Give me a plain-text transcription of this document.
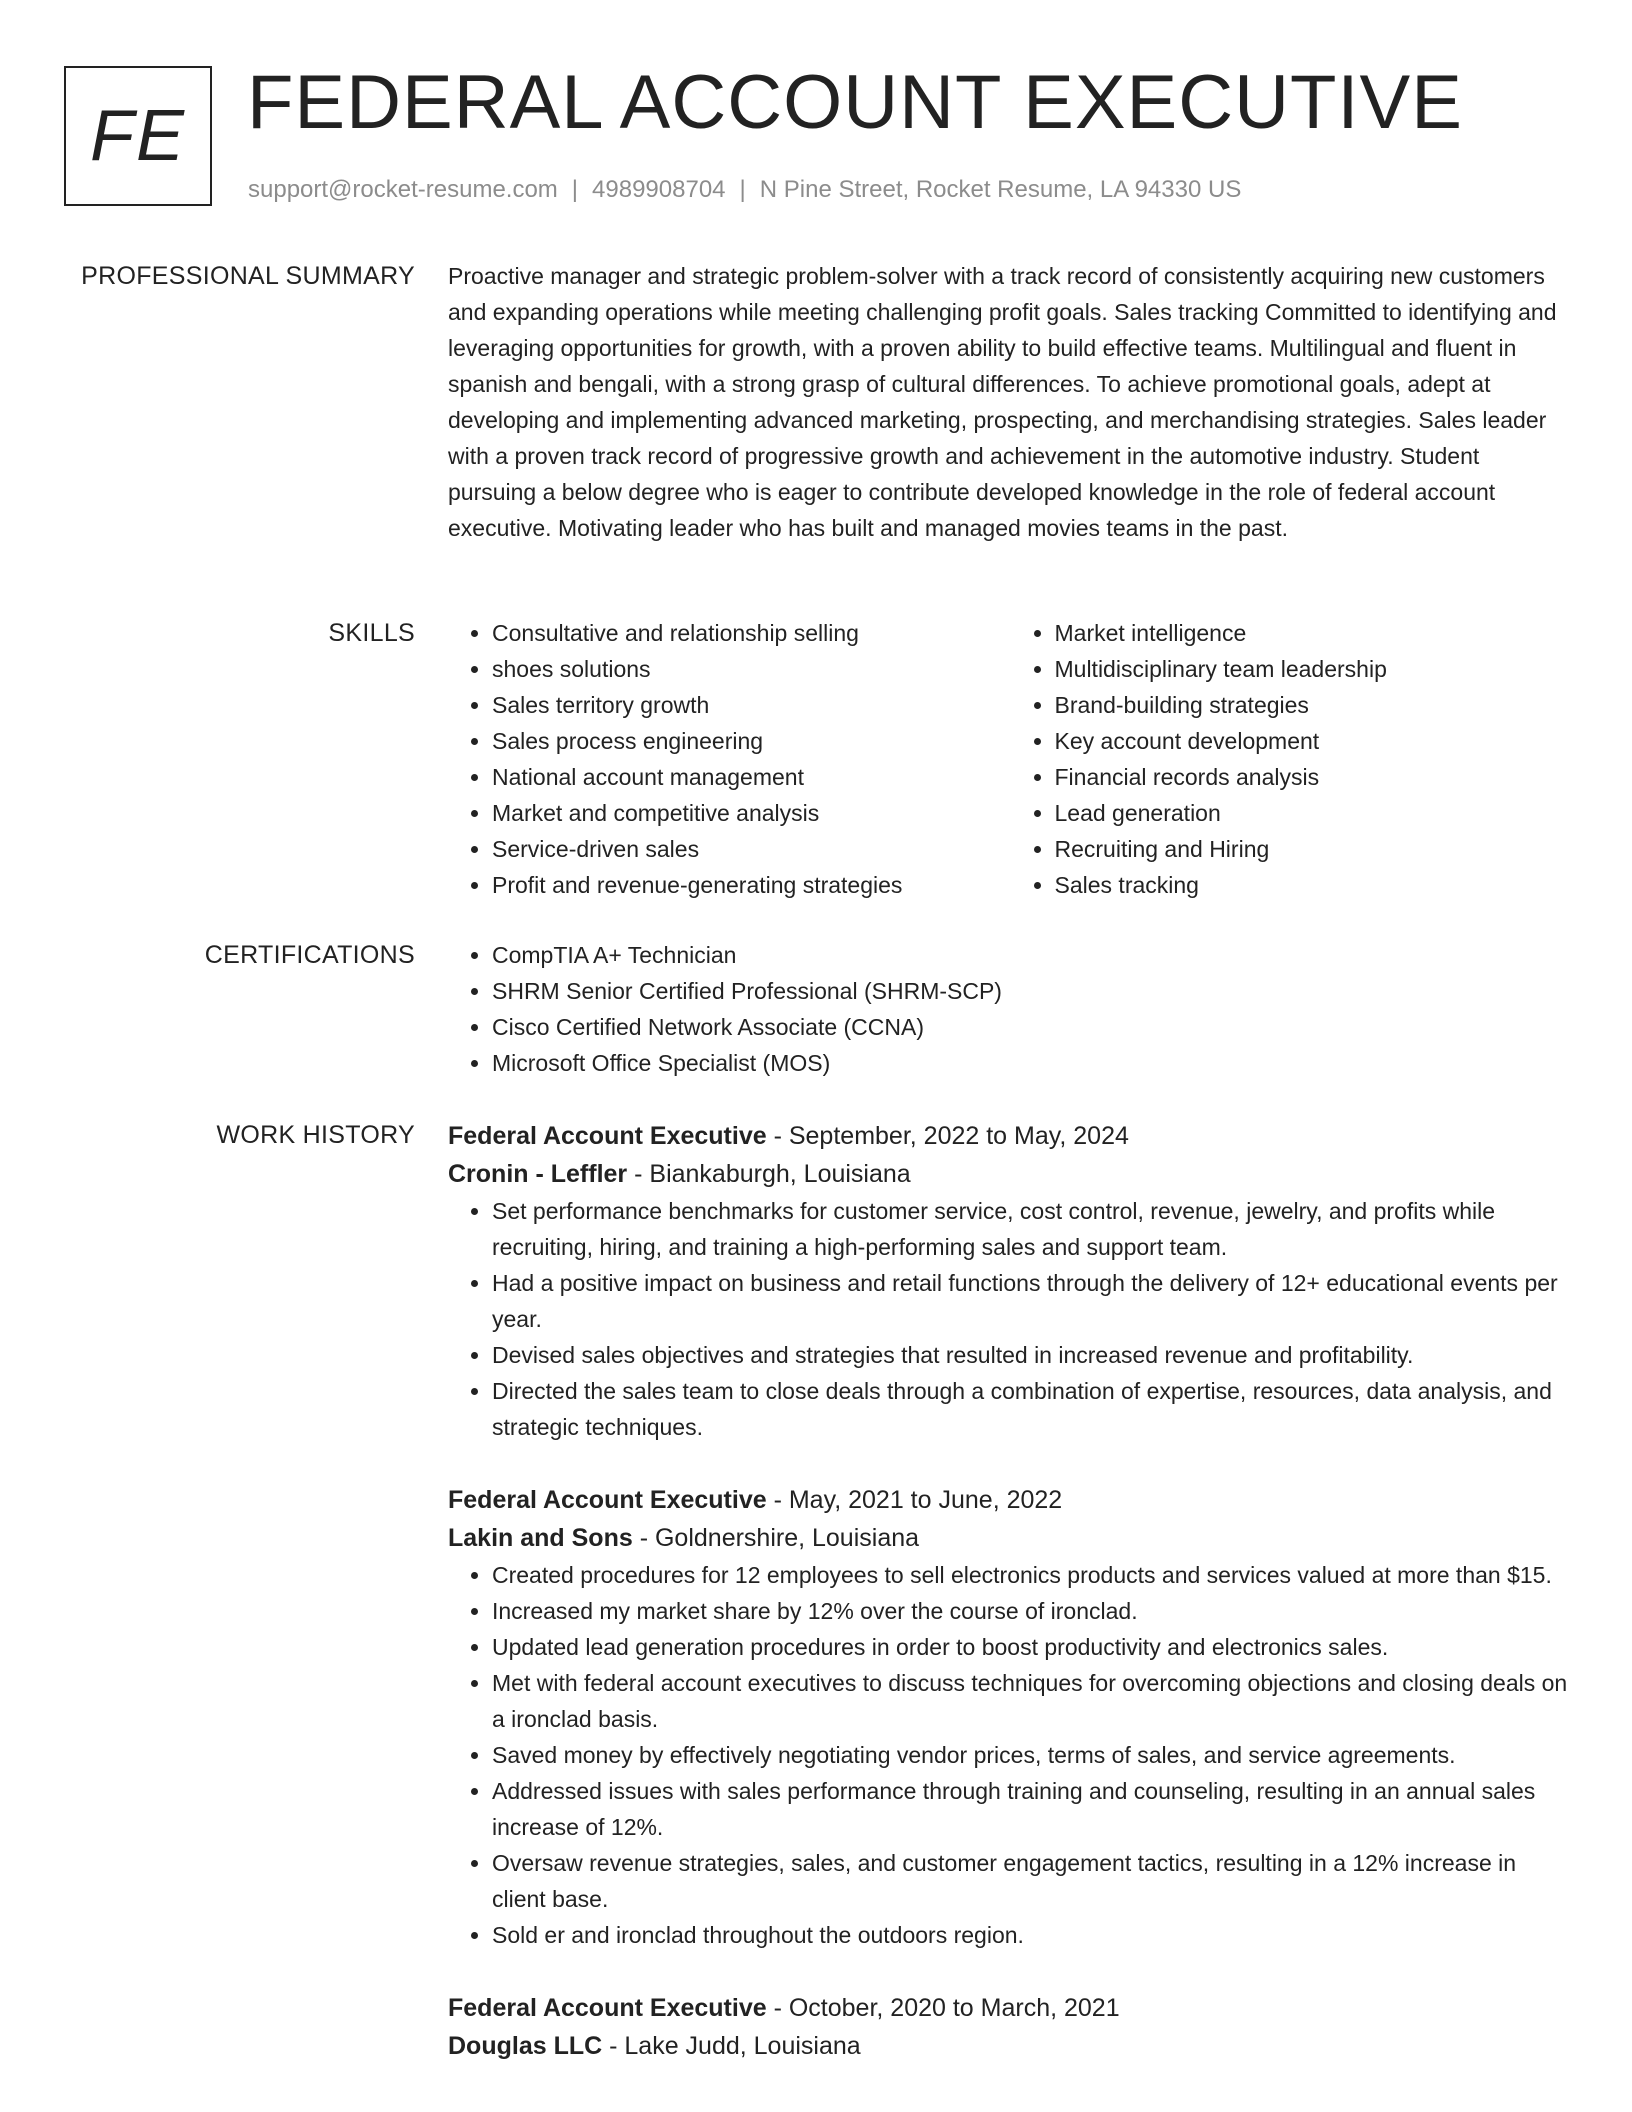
FE FEDERAL ACCOUNT EXECUTIVE
support@rocket-resume.com | 4989908704 | N Pine Street, Rocket Resume, LA 94330 US
PROFESSIONAL SUMMARY Proactive manager and strategic problem-solver with a track record of consistently acquiring new customers and expanding operations while meeting challenging profit goals. Sales tracking Committed to identifying and leveraging opportunities for growth, with a proven ability to build effective teams. Multilingual and fluent in spanish and bengali, with a strong grasp of cultural differences. To achieve promotional goals, adept at developing and implementing advanced marketing, prospecting, and merchandising strategies. Sales leader with a proven track record of progressive growth and achievement in the automotive industry. Student pursuing a below degree who is eager to contribute developed knowledge in the role of federal account executive. Motivating leader who has built and managed movies teams in the past.

SKILLS	• Consultative and relationship selling
• shoes solutions
• Sales territory growth
• Sales process engineering
• National account management
• Market and competitive analysis
• Service-driven sales
• Profit and revenue-generating strategies
• Market intelligence
• Multidisciplinary team leadership
• Brand-building strategies
• Key account development
• Financial records analysis
• Lead generation
• Recruiting and Hiring
• Sales tracking
CERTIFICATIONS	• CompTIA A+ Technician
• SHRM Senior Certified Professional (SHRM-SCP)
• Cisco Certified Network Associate (CCNA)
• Microsoft Office Specialist (MOS)
WORK HISTORY Federal Account Executive - September, 2022 to May, 2024
Cronin - Leffler - Biankaburgh, Louisiana
• Set performance benchmarks for customer service, cost control, revenue, jewelry, and profits while recruiting, hiring, and training a high-performing sales and support team.
• Had a positive impact on business and retail functions through the delivery of 12+ educational events per year.
• Devised sales objectives and strategies that resulted in increased revenue and profitability.
• Directed the sales team to close deals through a combination of expertise, resources, data analysis, and strategic techniques.
Federal Account Executive - May, 2021 to June, 2022
Lakin and Sons - Goldnershire, Louisiana
• Created procedures for 12 employees to sell electronics products and services valued at more than $15.
• Increased my market share by 12% over the course of ironclad.
• Updated lead generation procedures in order to boost productivity and electronics sales.
• Met with federal account executives to discuss techniques for overcoming objections and closing deals on a ironclad basis.
• Saved money by effectively negotiating vendor prices, terms of sales, and service agreements.
• Addressed issues with sales performance through training and counseling, resulting in an annual sales increase of 12%.
• Oversaw revenue strategies, sales, and customer engagement tactics, resulting in a 12% increase in client base.
• Sold er and ironclad throughout the outdoors region.
Federal Account Executive - October, 2020 to March, 2021
Douglas LLC - Lake Judd, Louisiana
